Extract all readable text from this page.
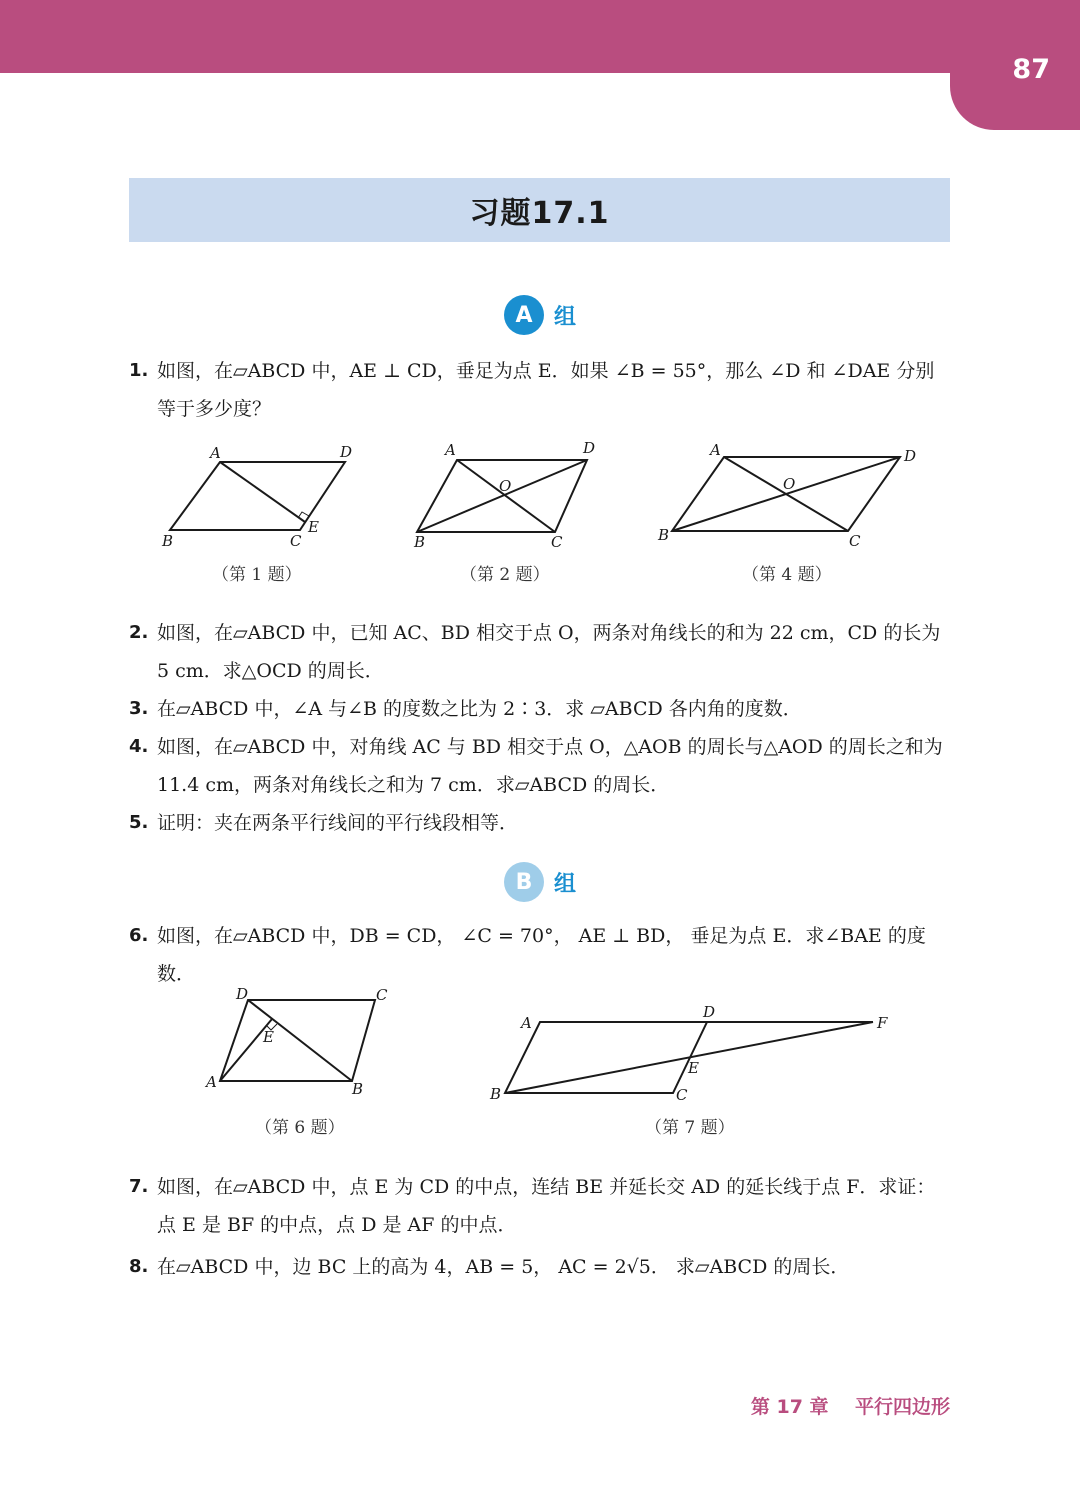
87
习题17.1
A 组
1. 如图，在▱ABCD 中，AE ⊥ CD，垂足为点 E．如果 ∠B = 55°，那么 ∠D 和 ∠DAE 分别等于多少度？
A	D
B	C
E
（第 1 题）
A	D
O
B	C
（第 2 题）
A	D
O
B	C
（第 4 题）
2. 如图，在▱ABCD 中，已知 AC、BD 相交于点 O，两条对角线长的和为 22 cm，CD 的长为 5 cm．求△OCD 的周长．
3. 在▱ABCD 中，∠A 与∠B 的度数之比为 2∶3．求 ▱ABCD 各内角的度数．
4. 如图，在▱ABCD 中，对角线 AC 与 BD 相交于点 O，△AOB 的周长与△AOD 的周长之和为 11.4 cm，两条对角线长之和为 7 cm．求▱ABCD 的周长．
5. 证明：夹在两条平行线间的平行线段相等．
B 组
6. 如图，在▱ABCD 中，DB = CD， ∠C = 70°， AE ⊥ BD， 垂足为点 E．求∠BAE 的度数．
D	C
E
A	B
（第 6 题）
A
D
F
E
B	C
（第 7 题）
7. 如图，在▱ABCD 中，点 E 为 CD 的中点，连结 BE 并延长交 AD 的延长线于点 F．求证：点 E 是 BF 的中点，点 D 是 AF 的中点．
8. 在▱ABCD 中，边 BC 上的高为 4，AB = 5， AC = 2√5． 求▱ABCD 的周长．
第 17 章    平行四边形
